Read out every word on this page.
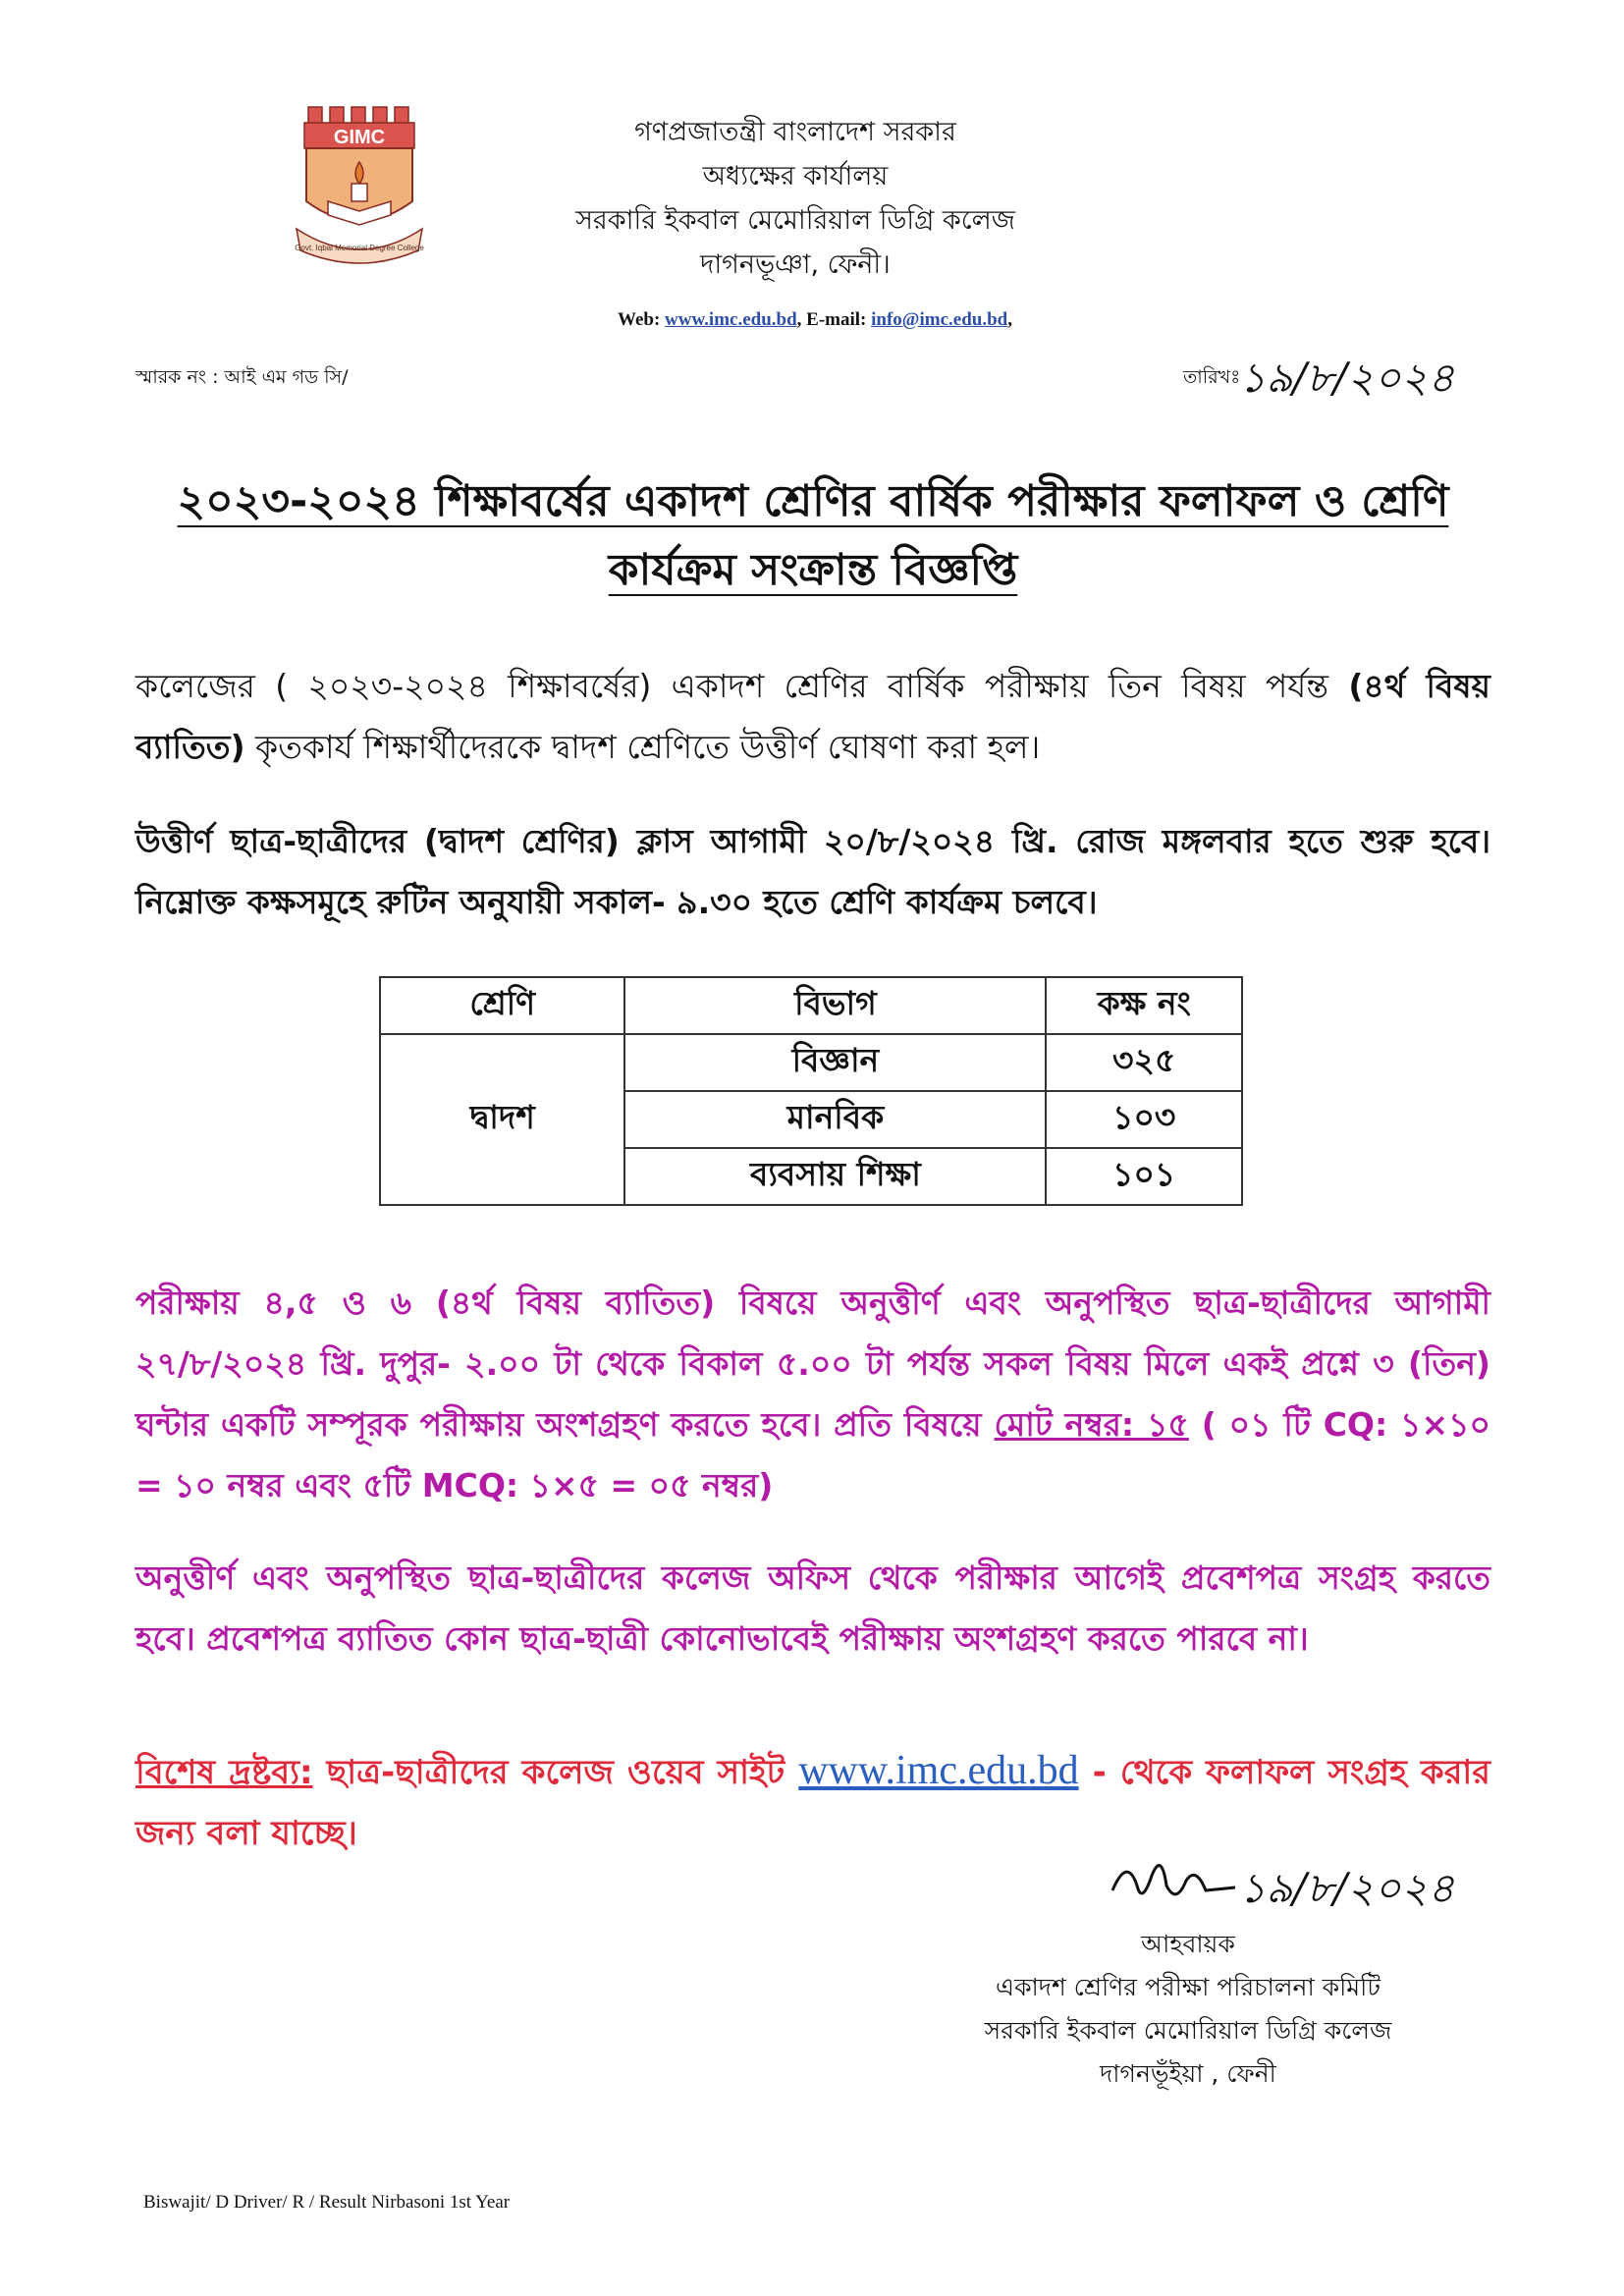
GIMC
Govt. Iqbal Memorial Degree College
গণপ্রজাতন্ত্রী বাংলাদেশ সরকার
অধ্যক্ষের কার্যালয়
সরকারি ইকবাল মেমোরিয়াল ডিগ্রি কলেজ
দাগনভূঞা, ফেনী।
Web: www.imc.edu.bd, E-mail: info@imc.edu.bd,
স্মারক নং : আই এম গড সি/	তারিখঃ
১৯/৮/২০২৪
২০২৩-২০২৪ শিক্ষাবর্ষের একাদশ শ্রেণির বার্ষিক পরীক্ষার ফলাফল ও শ্রেণি
কার্যক্রম সংক্রান্ত বিজ্ঞপ্তি
কলেজের ( ২০২৩-২০২৪ শিক্ষাবর্ষের) একাদশ শ্রেণির বার্ষিক পরীক্ষায় তিন বিষয় পর্যন্ত (৪র্থ বিষয় ব্যাতিত) কৃতকার্য শিক্ষার্থীদেরকে দ্বাদশ শ্রেণিতে উত্তীর্ণ ঘোষণা করা হল।
উত্তীর্ণ ছাত্র-ছাত্রীদের (দ্বাদশ শ্রেণির) ক্লাস আগামী ২০/৮/২০২৪ খ্রি. রোজ মঙ্গলবার হতে শুরু হবে। নিম্নোক্ত কক্ষসমূহে রুটিন অনুযায়ী সকাল- ৯.৩০ হতে শ্রেণি কার্যক্রম চলবে।
শ্রেণি	বিভাগ	কক্ষ নং
দ্বাদশ	বিজ্ঞান	৩২৫
	মানবিক	১০৩
	ব্যবসায় শিক্ষা	১০১
পরীক্ষায় ৪,৫ ও ৬ (৪র্থ বিষয় ব্যাতিত) বিষয়ে অনুত্তীর্ণ এবং অনুপস্থিত ছাত্র-ছাত্রীদের আগামী ২৭/৮/২০২৪ খ্রি. দুপুর- ২.০০ টা থেকে বিকাল ৫.০০ টা পর্যন্ত সকল বিষয় মিলে একই প্রশ্নে ৩ (তিন) ঘন্টার একটি সম্পূরক পরীক্ষায় অংশগ্রহণ করতে হবে। প্রতি বিষয়ে মোট নম্বর: ১৫ ( ০১ টি CQ: ১×১০ = ১০ নম্বর এবং ৫টি MCQ: ১×৫ = ০৫ নম্বর)
অনুত্তীর্ণ এবং অনুপস্থিত ছাত্র-ছাত্রীদের কলেজ অফিস থেকে পরীক্ষার আগেই প্রবেশপত্র সংগ্রহ করতে হবে। প্রবেশপত্র ব্যাতিত কোন ছাত্র-ছাত্রী কোনোভাবেই পরীক্ষায় অংশগ্রহণ করতে পারবে না।
বিশেষ দ্রষ্টব্য: ছাত্র-ছাত্রীদের কলেজ ওয়েব সাইট www.imc.edu.bd - থেকে ফলাফল সংগ্রহ করার জন্য বলা যাচ্ছে।
১৯/৮/২০২৪
আহবায়ক
একাদশ শ্রেণির পরীক্ষা পরিচালনা কমিটি
সরকারি ইকবাল মেমোরিয়াল ডিগ্রি কলেজ
দাগনভূঁইয়া , ফেনী
Biswajit/ D Driver/ R / Result Nirbasoni 1st Year
